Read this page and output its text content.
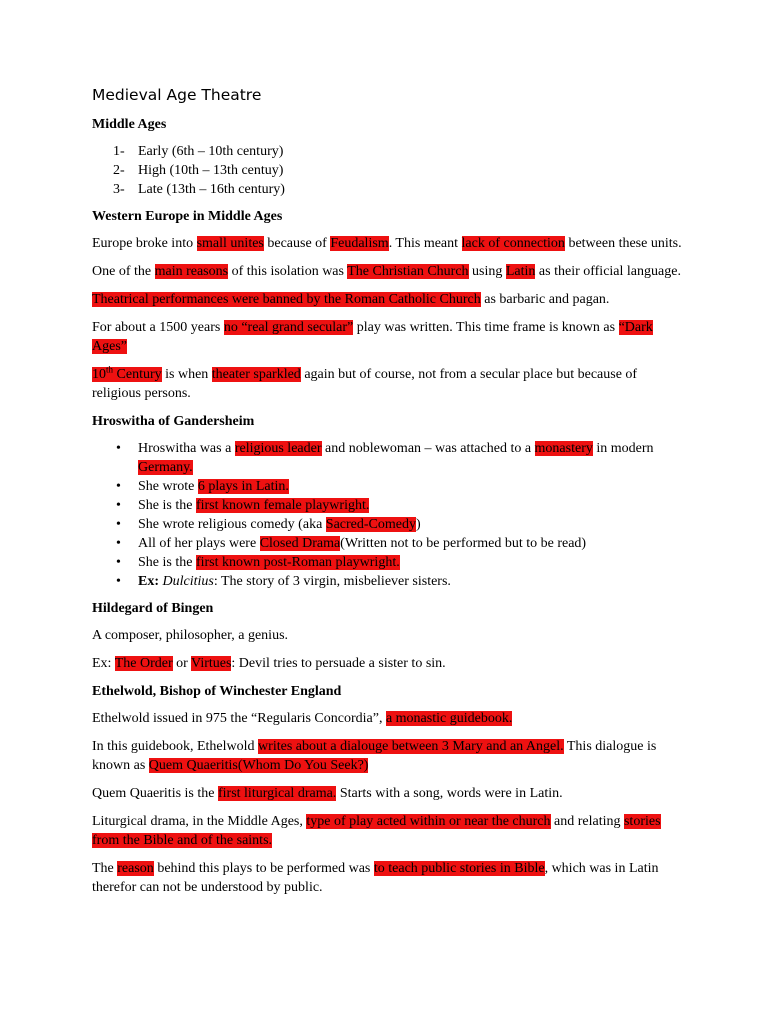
Medieval Age Theatre
Middle Ages
1- Early (6th – 10th century)
2- High (10th – 13th centuy)
3- Late (13th – 16th century)
Western Europe in Middle Ages

Europe broke into small unites because of Feudalism. This meant lack of connection between these units.

One of the main reasons of this isolation was The Christian Church using Latin as their official language.

Theatrical performances were banned by the Roman Catholic Church as barbaric and pagan.

For about a 1500 years no “real grand secular” play was written. This time frame is known as “Dark Ages”

10th Century is when theater sparkled again but of course, not from a secular place but because of religious persons.

Hroswitha of Gandersheim
• Hroswitha was a religious leader and noblewoman – was attached to a monastery in modern Germany.
• She wrote 6 plays in Latin.
• She is the first known female playwright.
• She wrote religious comedy (aka Sacred-Comedy)
• All of her plays were Closed Drama(Written not to be performed but to be read)
• She is the first known post-Roman playwright.
• Ex: Dulcitius: The story of 3 virgin, misbeliever sisters.
Hildegard of Bingen

A composer, philosopher, a genius.

Ex: The Order or Virtues: Devil tries to persuade a sister to sin.

Ethelwold, Bishop of Winchester England

Ethelwold issued in 975 the “Regularis Concordia”, a monastic guidebook.

In this guidebook, Ethelwold writes about a dialouge between 3 Mary and an Angel. This dialogue is known as Quem Quaeritis(Whom Do You Seek?)

Quem Quaeritis is the first liturgical drama. Starts with a song, words were in Latin.

Liturgical drama, in the Middle Ages, type of play acted within or near the church and relating stories from the Bible and of the saints.

The reason behind this plays to be performed was to teach public stories in Bible, which was in Latin therefor can not be understood by public.
